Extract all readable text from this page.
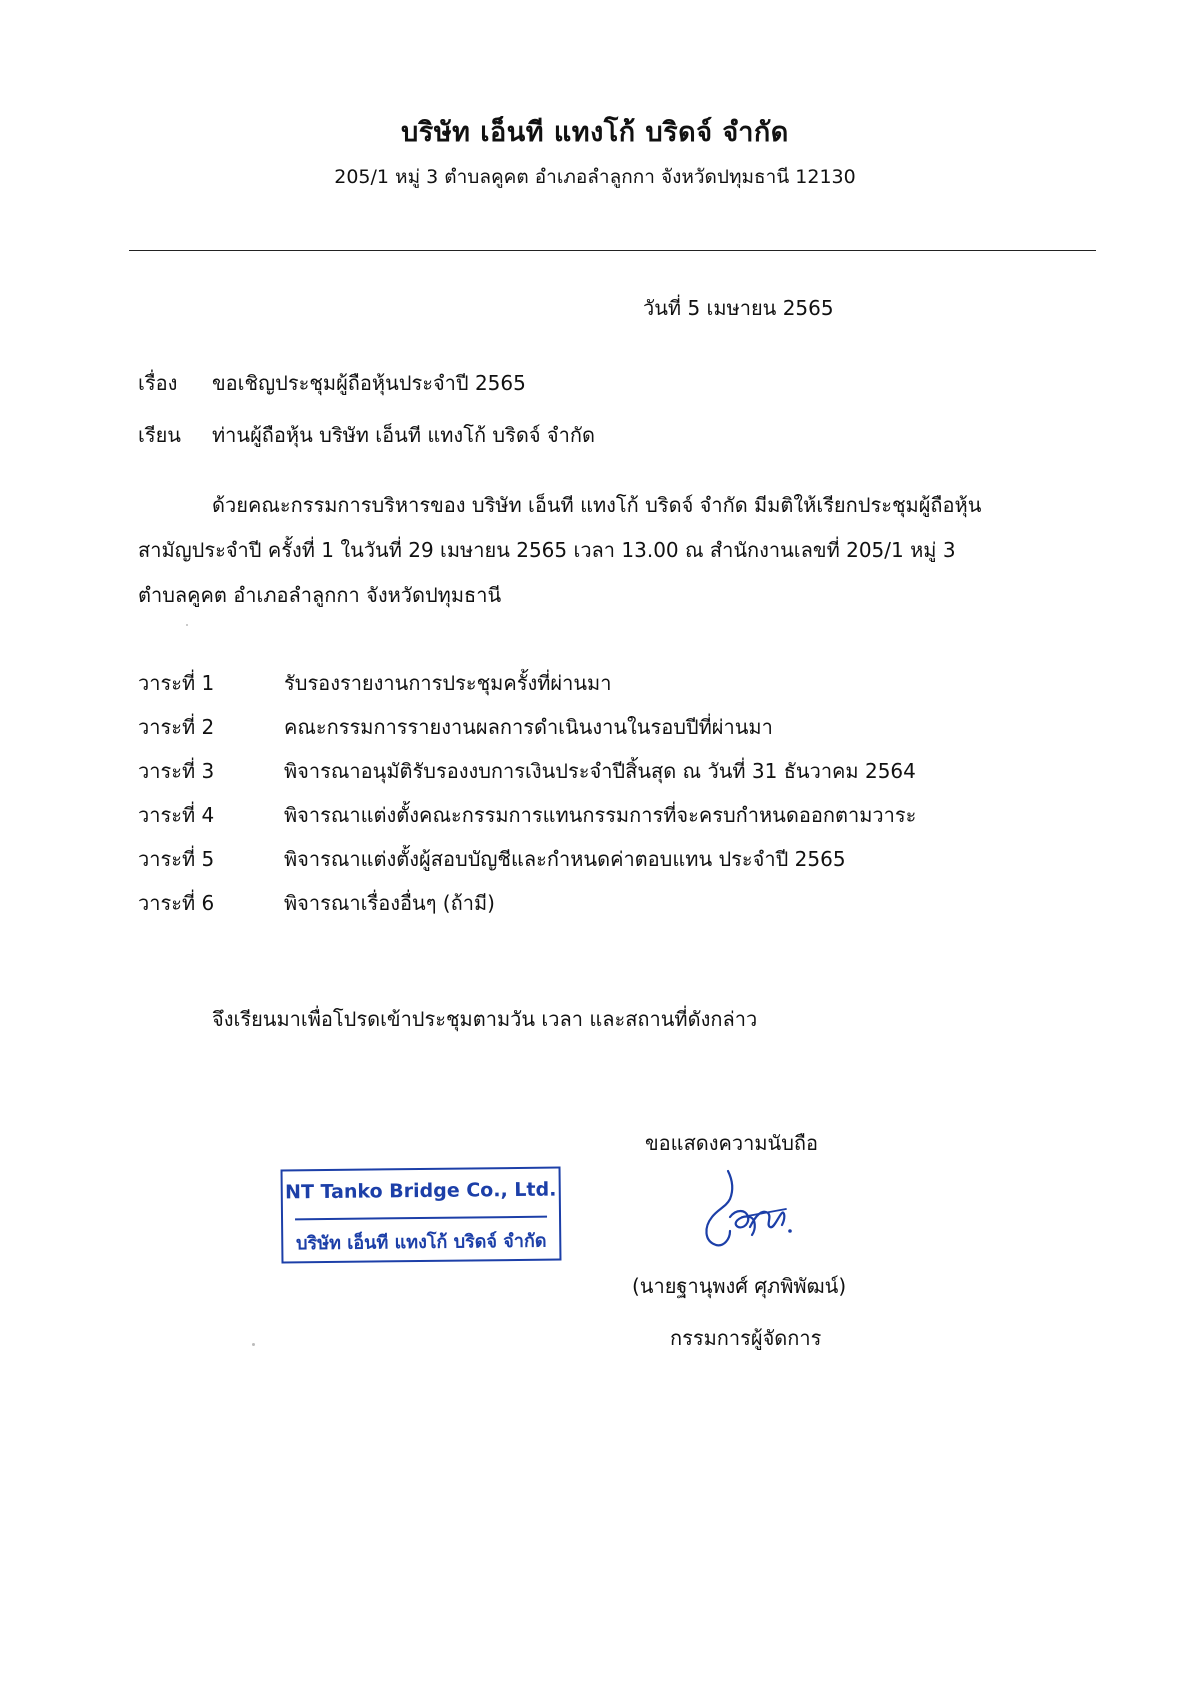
บริษัท เอ็นที แทงโก้ บริดจ์ จำกัด
205/1 หมู่ 3 ตำบลคูคต อำเภอลำลูกกา จังหวัดปทุมธานี 12130
วันที่ 5 เมษายน 2565
เรื่อง ขอเชิญประชุมผู้ถือหุ้นประจำปี 2565
เรียน ท่านผู้ถือหุ้น บริษัท เอ็นที แทงโก้ บริดจ์ จำกัด
ด้วยคณะกรรมการบริหารของ บริษัท เอ็นที แทงโก้ บริดจ์ จำกัด มีมติให้เรียกประชุมผู้ถือหุ้น
สามัญประจำปี ครั้งที่ 1 ในวันที่ 29 เมษายน 2565 เวลา 13.00 ณ สำนักงานเลขที่ 205/1 หมู่ 3
ตำบลคูคต อำเภอลำลูกกา จังหวัดปทุมธานี
วาระที่ 1	รับรองรายงานการประชุมครั้งที่ผ่านมา
วาระที่ 2	คณะกรรมการรายงานผลการดำเนินงานในรอบปีที่ผ่านมา
วาระที่ 3	พิจารณาอนุมัติรับรองงบการเงินประจำปีสิ้นสุด ณ วันที่ 31 ธันวาคม 2564
วาระที่ 4	พิจารณาแต่งตั้งคณะกรรมการแทนกรรมการที่จะครบกำหนดออกตามวาระ
วาระที่ 5	พิจารณาแต่งตั้งผู้สอบบัญชีและกำหนดค่าตอบแทน ประจำปี 2565
วาระที่ 6	พิจารณาเรื่องอื่นๆ (ถ้ามี)
จึงเรียนมาเพื่อโปรดเข้าประชุมตามวัน เวลา และสถานที่ดังกล่าว
ขอแสดงความนับถือ
NT Tanko Bridge Co., Ltd.
บริษัท เอ็นที แทงโก้ บริดจ์ จำกัด
(นายฐานุพงศ์ ศุภพิพัฒน์)
กรรมการผู้จัดการ
